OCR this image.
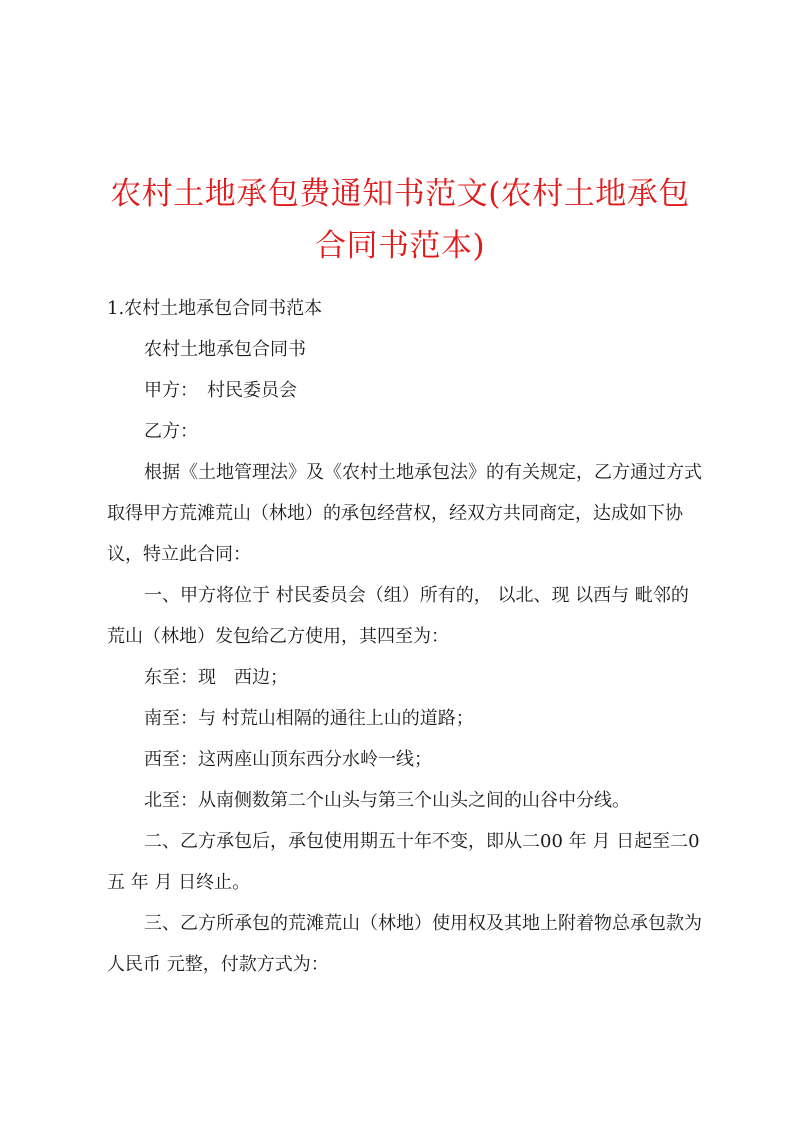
农村土地承包费通知书范文(农村土地承包合同书范本)

1.农村土地承包合同书范本

农村土地承包合同书

甲方：　村民委员会

乙方：

根据《土地管理法》及《农村土地承包法》的有关规定，乙方通过方式取得甲方荒滩荒山（林地）的承包经营权，经双方共同商定，达成如下协议，特立此合同：

一、甲方将位于 村民委员会（组）所有的， 以北、现 以西与 毗邻的荒山（林地）发包给乙方使用，其四至为：

东至：现　西边；

南至：与 村荒山相隔的通往上山的道路；

西至：这两座山顶东西分水岭一线；

北至：从南侧数第二个山头与第三个山头之间的山谷中分线。

二、乙方承包后，承包使用期五十年不变，即从二00 年 月 日起至二0五 年 月 日终止。

三、乙方所承包的荒滩荒山（林地）使用权及其地上附着物总承包款为人民币 元整，付款方式为：
